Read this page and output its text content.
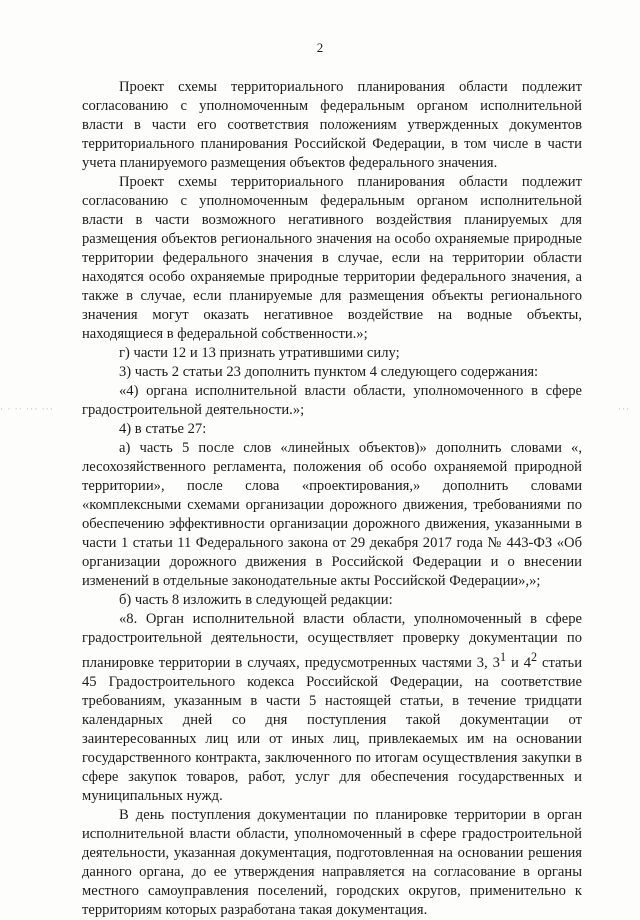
2
⋅ ⋅ ⋅⋅ ⋅⋅⋅ ⋅⋅⋅	⋅⋅⋅

Проект схемы территориального планирования области подлежит согласованию с уполномоченным федеральным органом исполнительной власти в части его соответствия положениям утвержденных документов территориального планирования Российской Федерации, в том числе в части учета планируемого размещения объектов федерального значения.

Проект схемы территориального планирования области подлежит согласованию с уполномоченным федеральным органом исполнительной власти в части возможного негативного воздействия планируемых для размещения объектов регионального значения на особо охраняемые природные территории федерального значения в случае, если на территории области находятся особо охраняемые природные территории федерального значения, а также в случае, если планируемые для размещения объекты регионального значения могут оказать негативное воздействие на водные объекты, находящиеся в федеральной собственности.»;

г) части 12 и 13 признать утратившими силу;

3) часть 2 статьи 23 дополнить пунктом 4 следующего содержания:

«4) органа исполнительной власти области, уполномоченного в сфере градостроительной деятельности.»;

4) в статье 27:

а) часть 5 после слов «линейных объектов)» дополнить словами «, лесохозяйственного регламента, положения об особо охраняемой природной территории», после слова «проектирования,» дополнить словами «комплексными схемами организации дорожного движения, требованиями по обеспечению эффективности организации дорожного движения, указанными в части 1 статьи 11 Федерального закона от 29 декабря 2017 года № 443-ФЗ «Об организации дорожного движения в Российской Федерации и о внесении изменений в отдельные законодательные акты Российской Федерации»,»;

б) часть 8 изложить в следующей редакции:

«8. Орган исполнительной власти области, уполномоченный в сфере градостроительной деятельности, осуществляет проверку документации по планировке территории в случаях, предусмотренных частями 3, $3^1$ и $4^2$ статьи 45 Градостроительного кодекса Российской Федерации, на соответствие требованиям, указанным в части 5 настоящей статьи, в течение тридцати календарных дней со дня поступления такой документации от заинтересованных лиц или от иных лиц, привлекаемых им на основании государственного контракта, заключенного по итогам осуществления закупки в сфере закупок товаров, работ, услуг для обеспечения государственных и муниципальных нужд.

В день поступления документации по планировке территории в орган исполнительной власти области, уполномоченный в сфере градостроительной деятельности, указанная документация, подготовленная на основании решения данного органа, до ее утверждения направляется на согласование в органы местного самоуправления поселений, городских округов, применительно к территориям которых разработана такая документация.
